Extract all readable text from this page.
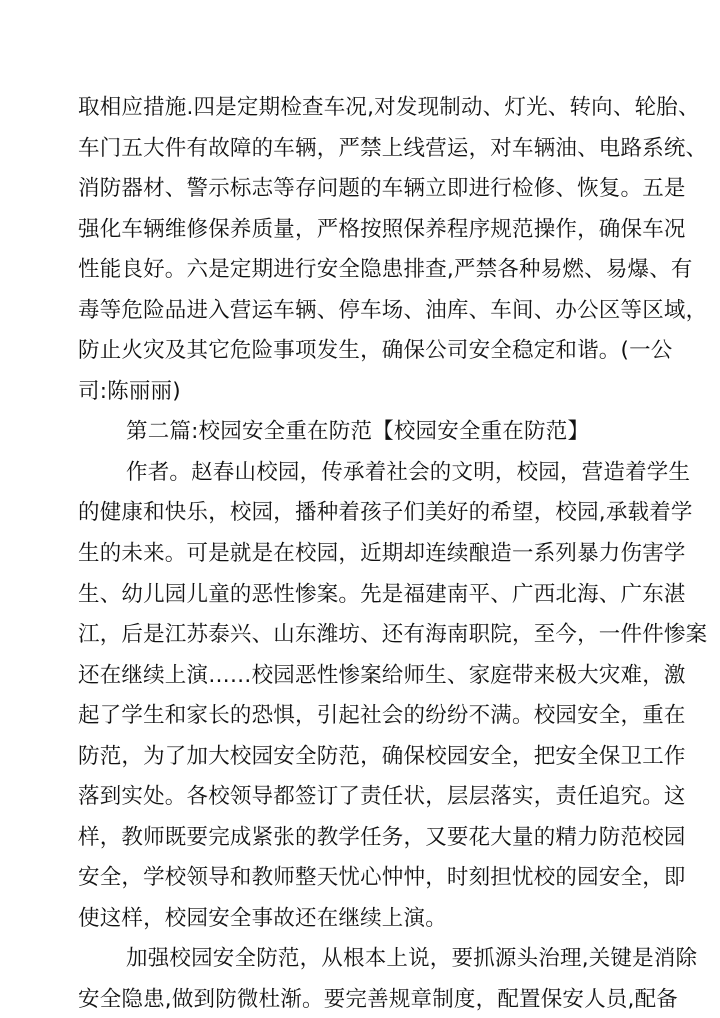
取相应措施.四是定期检查车况,对发现制动、灯光、转向、轮胎、
车门五大件有故障的车辆，严禁上线营运，对车辆油、电路系统、
消防器材、警示标志等存问题的车辆立即进行检修、恢复。五是
强化车辆维修保养质量，严格按照保养程序规范操作，确保车况
性能良好。六是定期进行安全隐患排查,严禁各种易燃、易爆、有
毒等危险品进入营运车辆、停车场、油库、车间、办公区等区域，
防止火灾及其它危险事项发生，确保公司安全稳定和谐。(一公
司:陈丽丽)
第二篇:校园安全重在防范【校园安全重在防范】
作者。赵春山校园，传承着社会的文明，校园，营造着学生
的健康和快乐，校园，播种着孩子们美好的希望，校园,承载着学
生的未来。可是就是在校园，近期却连续酿造一系列暴力伤害学
生、幼儿园儿童的恶性惨案。先是福建南平、广西北海、广东湛
江，后是江苏泰兴、山东潍坊、还有海南职院，至今，一件件惨案
还在继续上演……校园恶性惨案给师生、家庭带来极大灾难，激
起了学生和家长的恐惧，引起社会的纷纷不满。校园安全，重在
防范，为了加大校园安全防范，确保校园安全，把安全保卫工作
落到实处。各校领导都签订了责任状，层层落实，责任追究。这
样，教师既要完成紧张的教学任务，又要花大量的精力防范校园
安全，学校领导和教师整天忧心忡忡，时刻担忧校的园安全，即
使这样，校园安全事故还在继续上演。
加强校园安全防范，从根本上说，要抓源头治理,关键是消除
安全隐患,做到防微杜渐。要完善规章制度，配置保安人员,配备
